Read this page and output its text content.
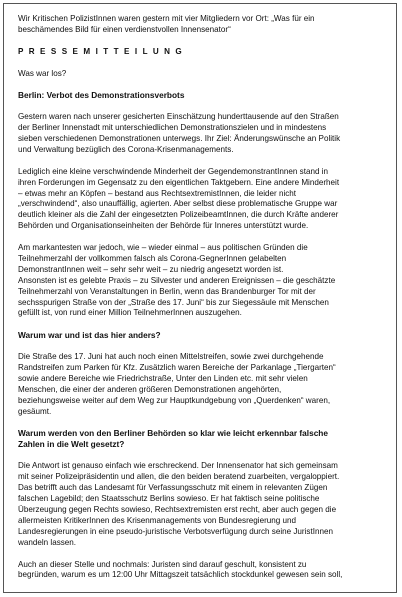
Wir Kritischen PolizistInnen waren gestern mit vier Mitgliedern vor Ort: „Was für ein
beschämendes Bild für einen verdienstvollen Innensenator“

P R E S S E M I T T E I L U N G

Was war los?

Berlin: Verbot des Demonstrationsverbots

Gestern waren nach unserer gesicherten Einschätzung hunderttausende auf den Straßen
der Berliner Innenstadt mit unterschiedlichen Demonstrationszielen und in mindestens
sieben verschiedenen Demonstrationen unterwegs. Ihr Ziel: Änderungswünsche an Politik
und Verwaltung bezüglich des Corona-Krisenmanagements.

Lediglich eine kleine verschwindende Minderheit der GegendemonstrantInnen stand in
ihren Forderungen im Gegensatz zu den eigentlichen Taktgebern. Eine andere Minderheit
– etwas mehr an Köpfen – bestand aus RechtsextremistInnen, die leider nicht
„verschwindend“, also unauffällig, agierten. Aber selbst diese problematische Gruppe war
deutlich kleiner als die Zahl der eingesetzten PolizeibeamtInnen, die durch Kräfte anderer
Behörden und Organisationseinheiten der Behörde für Inneres unterstützt wurde.

Am markantesten war jedoch, wie – wieder einmal – aus politischen Gründen die
Teilnehmerzahl der vollkommen falsch als Corona-GegnerInnen gelabelten
DemonstrantInnen weit – sehr sehr weit – zu niedrig angesetzt worden ist.
Ansonsten ist es gelebte Praxis – zu Silvester und anderen Ereignissen – die geschätzte
Teilnehmerzahl von Veranstaltungen in Berlin, wenn das Brandenburger Tor mit der
sechsspurigen Straße von der „Straße des 17. Juni“ bis zur Siegessäule mit Menschen
gefüllt ist, von rund einer Million TeilnehmerInnen auszugehen.

Warum war und ist das hier anders?

Die Straße des 17. Juni hat auch noch einen Mittelstreifen, sowie zwei durchgehende
Randstreifen zum Parken für Kfz. Zusätzlich waren Bereiche der Parkanlage „Tiergarten“
sowie andere Bereiche wie Friedrichstraße, Unter den Linden etc. mit sehr vielen
Menschen, die einer der anderen größeren Demonstrationen angehörten,
beziehungsweise weiter auf dem Weg zur Hauptkundgebung von „Querdenken“ waren,
gesäumt.

Warum werden von den Berliner Behörden so klar wie leicht erkennbar falsche
Zahlen in die Welt gesetzt?

Die Antwort ist genauso einfach wie erschreckend. Der Innensenator hat sich gemeinsam
mit seiner Polizeipräsidentin und allen, die den beiden beratend zuarbeiten, vergaloppiert.
Das betrifft auch das Landesamt für Verfassungsschutz mit einem in relevanten Zügen
falschen Lagebild; den Staatsschutz Berlins sowieso. Er hat faktisch seine politische
Überzeugung gegen Rechts sowieso, Rechtsextremisten erst recht, aber auch gegen die
allermeisten KritikerInnen des Krisenmanagements von Bundesregierung und
Landesregierungen in eine pseudo-juristische Verbotsverfügung durch seine JuristInnen
wandeln lassen.

Auch an dieser Stelle und nochmals: Juristen sind darauf geschult, konsistent zu
begründen, warum es um 12:00 Uhr Mittagszeit tatsächlich stockdunkel gewesen sein soll,
